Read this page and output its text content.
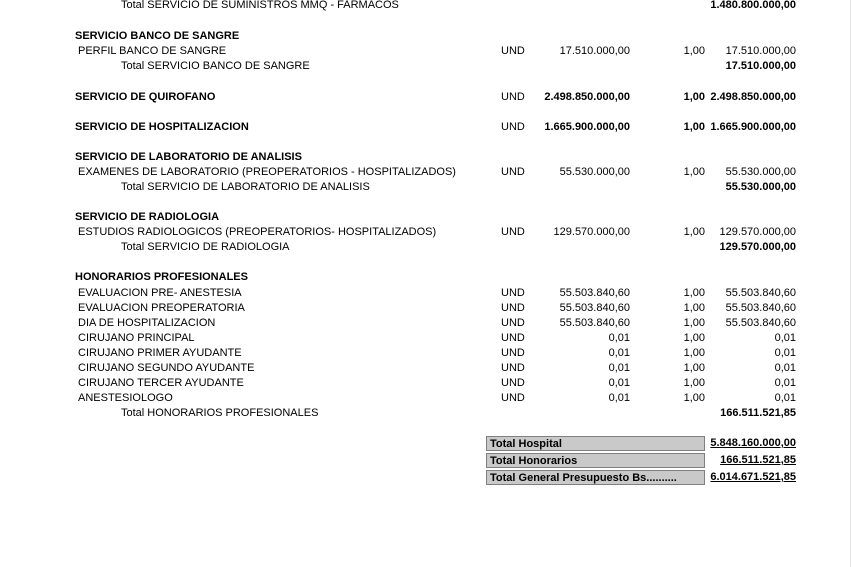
Total SERVICIO DE SUMINISTROS MMQ - FARMACOS	1.480.800.000,00
SERVICIO BANCO DE SANGRE
PERFIL BANCO DE SANGRE	UND	17.510.000,00	1,00 17.510.000,00
Total SERVICIO BANCO DE SANGRE	17.510.000,00
SERVICIO DE QUIROFANO	UND 2.498.850.000,00	1,00 2.498.850.000,00
SERVICIO DE HOSPITALIZACION	UND 1.665.900.000,00	1,00 1.665.900.000,00
SERVICIO DE LABORATORIO DE ANALISIS
EXAMENES DE LABORATORIO (PREOPERATORIOS - HOSPITALIZADOS)	UND	55.530.000,00	1,00 55.530.000,00
Total SERVICIO DE LABORATORIO DE ANALISIS	55.530.000,00
SERVICIO DE RADIOLOGIA
ESTUDIOS RADIOLOGICOS (PREOPERATORIOS- HOSPITALIZADOS)	UND	129.570.000,00	1,00 129.570.000,00
Total SERVICIO DE RADIOLOGIA	129.570.000,00
HONORARIOS PROFESIONALES
EVALUACION PRE- ANESTESIA	UND	55.503.840,60	1,00 55.503.840,60
EVALUACION PREOPERATORIA	UND	55.503.840,60	1,00 55.503.840,60
DIA DE HOSPITALIZACION	UND	55.503.840,60	1,00 55.503.840,60
CIRUJANO PRINCIPAL	UND	0,01	1,00	0,01
CIRUJANO PRIMER AYUDANTE	UND	0,01	1,00	0,01
CIRUJANO SEGUNDO AYUDANTE	UND	0,01	1,00	0,01
CIRUJANO TERCER AYUDANTE	UND	0,01	1,00	0,01
ANESTESIOLOGO	UND	0,01	1,00	0,01
Total HONORARIOS PROFESIONALES	166.511.521,85
Total Hospital	5.848.160.000,00
Total Honorarios	166.511.521,85
Total General Presupuesto Bs..........	6.014.671.521,85
